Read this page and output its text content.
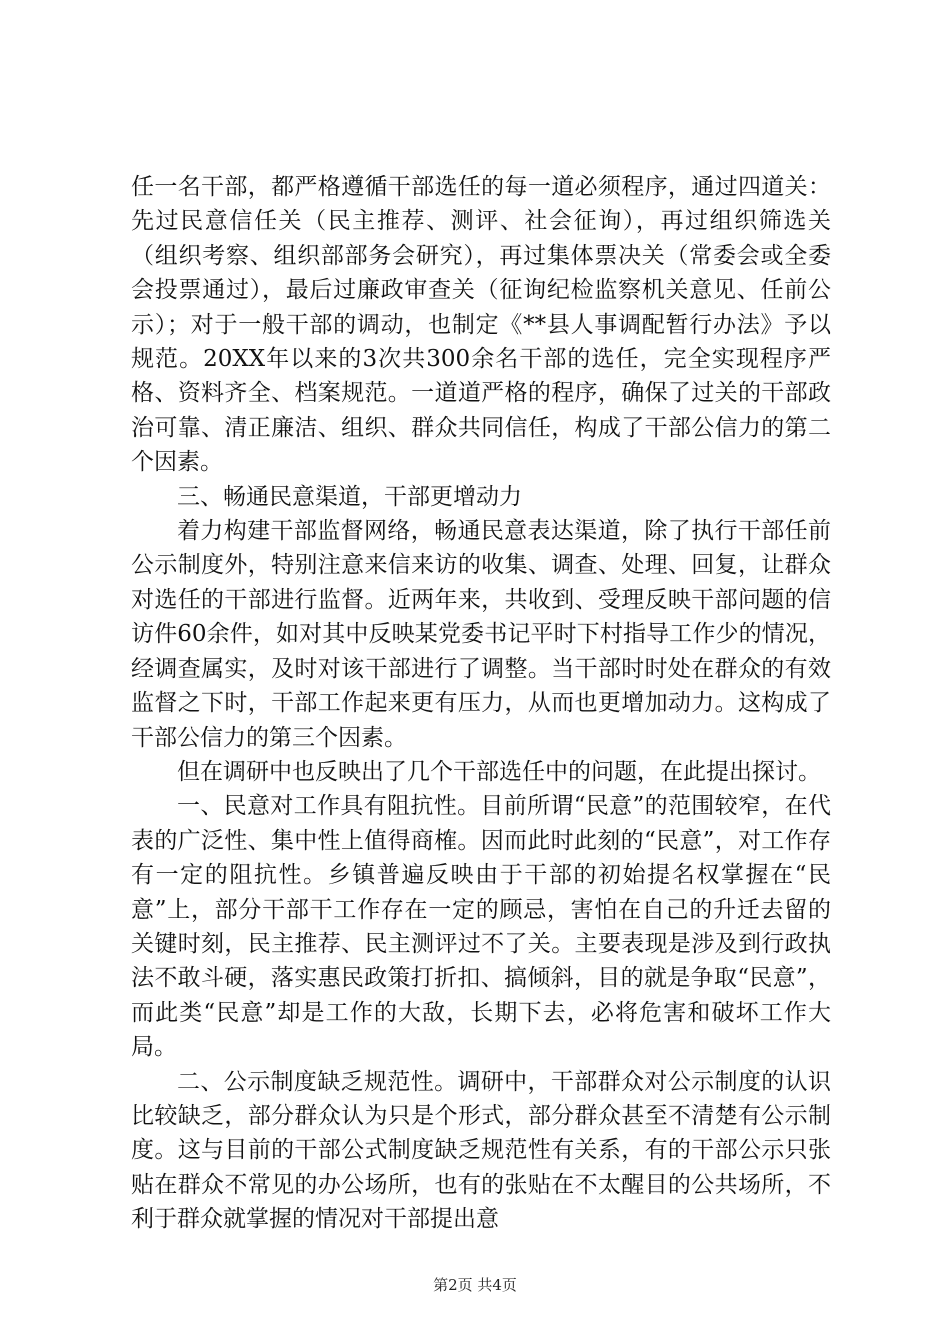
任一名干部，都严格遵循干部选任的每一道必须程序，通过四道关：先过民意信任关（民主推荐、测评、社会征询），再过组织筛选关（组织考察、组织部部务会研究），再过集体票决关（常委会或全委会投票通过），最后过廉政审查关（征询纪检监察机关意见、任前公示）；对于一般干部的调动，也制定《**县人事调配暂行办法》予以规范。20XX年以来的3次共300余名干部的选任，完全实现程序严格、资料齐全、档案规范。一道道严格的程序，确保了过关的干部政治可靠、清正廉洁、组织、群众共同信任，构成了干部公信力的第二个因素。

三、畅通民意渠道，干部更增动力

着力构建干部监督网络，畅通民意表达渠道，除了执行干部任前公示制度外，特别注意来信来访的收集、调查、处理、回复，让群众对选任的干部进行监督。近两年来，共收到、受理反映干部问题的信访件60余件，如对其中反映某党委书记平时下村指导工作少的情况，经调查属实，及时对该干部进行了调整。当干部时时处在群众的有效监督之下时，干部工作起来更有压力，从而也更增加动力。这构成了干部公信力的第三个因素。

但在调研中也反映出了几个干部选任中的问题，在此提出探讨。

一、民意对工作具有阻抗性。目前所谓“民意”的范围较窄，在代表的广泛性、集中性上值得商榷。因而此时此刻的“民意”，对工作存有一定的阻抗性。乡镇普遍反映由于干部的初始提名权掌握在“民意”上，部分干部干工作存在一定的顾忌，害怕在自己的升迁去留的关键时刻，民主推荐、民主测评过不了关。主要表现是涉及到行政执法不敢斗硬，落实惠民政策打折扣、搞倾斜，目的就是争取“民意”，而此类“民意”却是工作的大敌，长期下去，必将危害和破坏工作大局。

二、公示制度缺乏规范性。调研中，干部群众对公示制度的认识比较缺乏，部分群众认为只是个形式，部分群众甚至不清楚有公示制度。这与目前的干部公式制度缺乏规范性有关系，有的干部公示只张贴在群众不常见的办公场所，也有的张贴在不太醒目的公共场所，不利于群众就掌握的情况对干部提出意

第2页 共4页
